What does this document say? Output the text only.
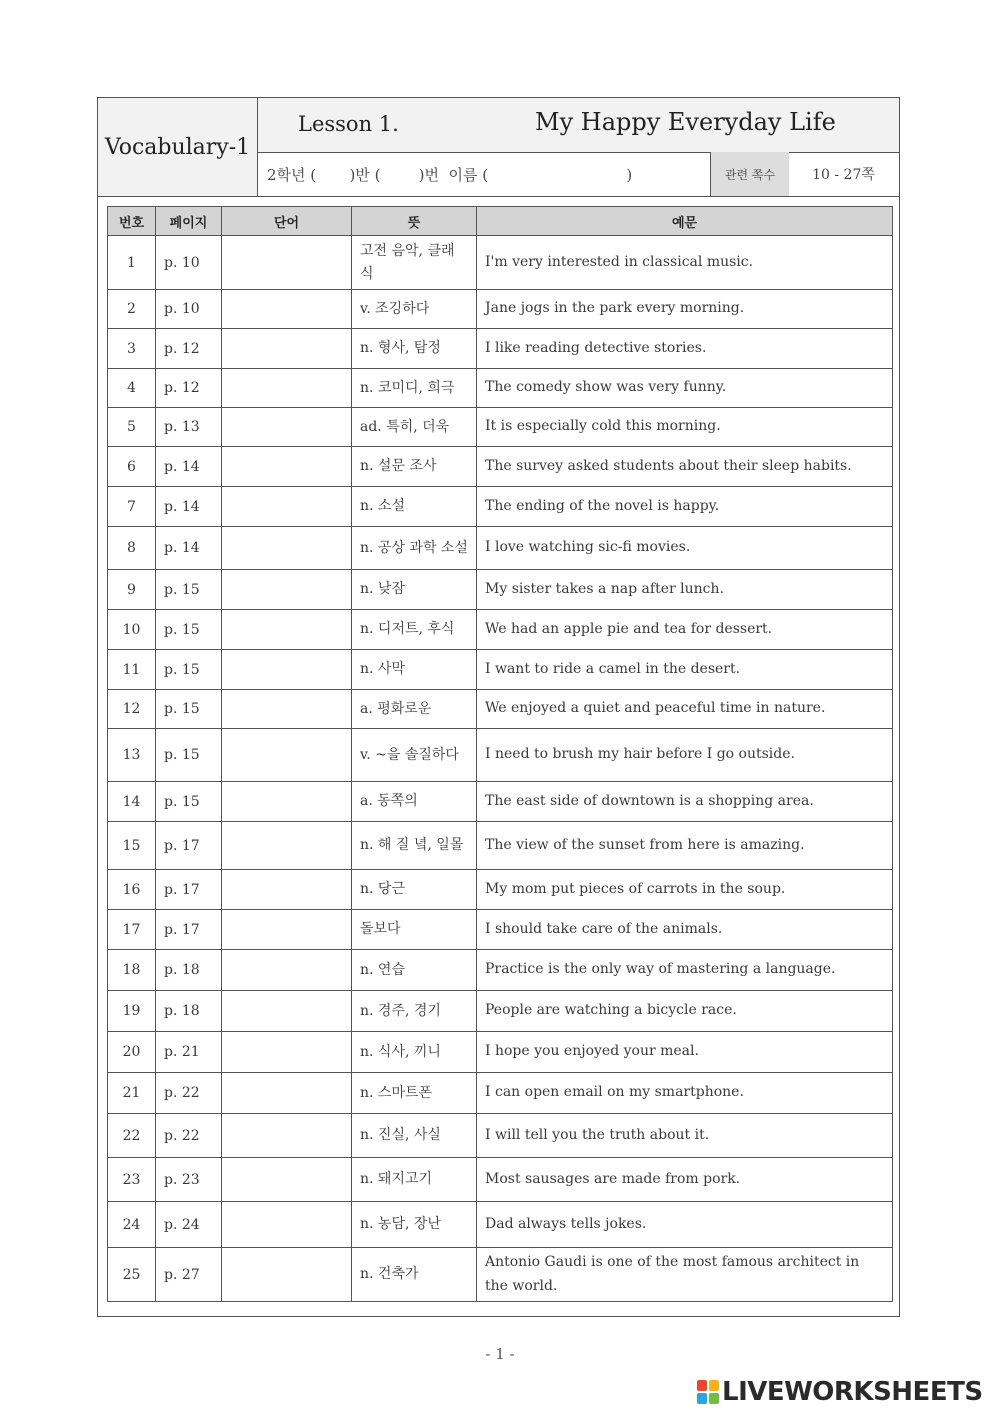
Vocabulary-1
Lesson 1.	My Happy Everyday Life
2학년 (       )반 (        )번  이름 (                             )	관련 쪽수	10 - 27쪽
번호	페이지	단어	뜻	예문
1	p. 10		고전 음악, 클래식	I'm very interested in classical music.
2	p. 10		v. 조깅하다	Jane jogs in the park every morning.
3	p. 12		n. 형사, 탐정	I like reading detective stories.
4	p. 12		n. 코미디, 희극	The comedy show was very funny.
5	p. 13		ad. 특히, 더욱	It is especially cold this morning.
6	p. 14		n. 설문 조사	The survey asked students about their sleep habits.
7	p. 14		n. 소설	The ending of the novel is happy.
8	p. 14		n. 공상 과학 소설	I love watching sic-fi movies.
9	p. 15		n. 낮잠	My sister takes a nap after lunch.
10	p. 15		n. 디저트, 후식	We had an apple pie and tea for dessert.
11	p. 15		n. 사막	I want to ride a camel in the desert.
12	p. 15		a. 평화로운	We enjoyed a quiet and peaceful time in nature.
13	p. 15		v. ~을 솔질하다	I need to brush my hair before I go outside.
14	p. 15		a. 동쪽의	The east side of downtown is a shopping area.
15	p. 17		n. 해 질 녘, 일몰	The view of the sunset from here is amazing.
16	p. 17		n. 당근	My mom put pieces of carrots in the soup.
17	p. 17		돌보다	I should take care of the animals.
18	p. 18		n. 연습	Practice is the only way of mastering a language.
19	p. 18		n. 경주, 경기	People are watching a bicycle race.
20	p. 21		n. 식사, 끼니	I hope you enjoyed your meal.
21	p. 22		n. 스마트폰	I can open email on my smartphone.
22	p. 22		n. 진실, 사실	I will tell you the truth about it.
23	p. 23		n. 돼지고기	Most sausages are made from pork.
24	p. 24		n. 농담, 장난	Dad always tells jokes.
25	p. 27		n. 건축가	Antonio Gaudi is one of the most famous architect in the world.
- 1 -
LIVEWORKSHEETS
